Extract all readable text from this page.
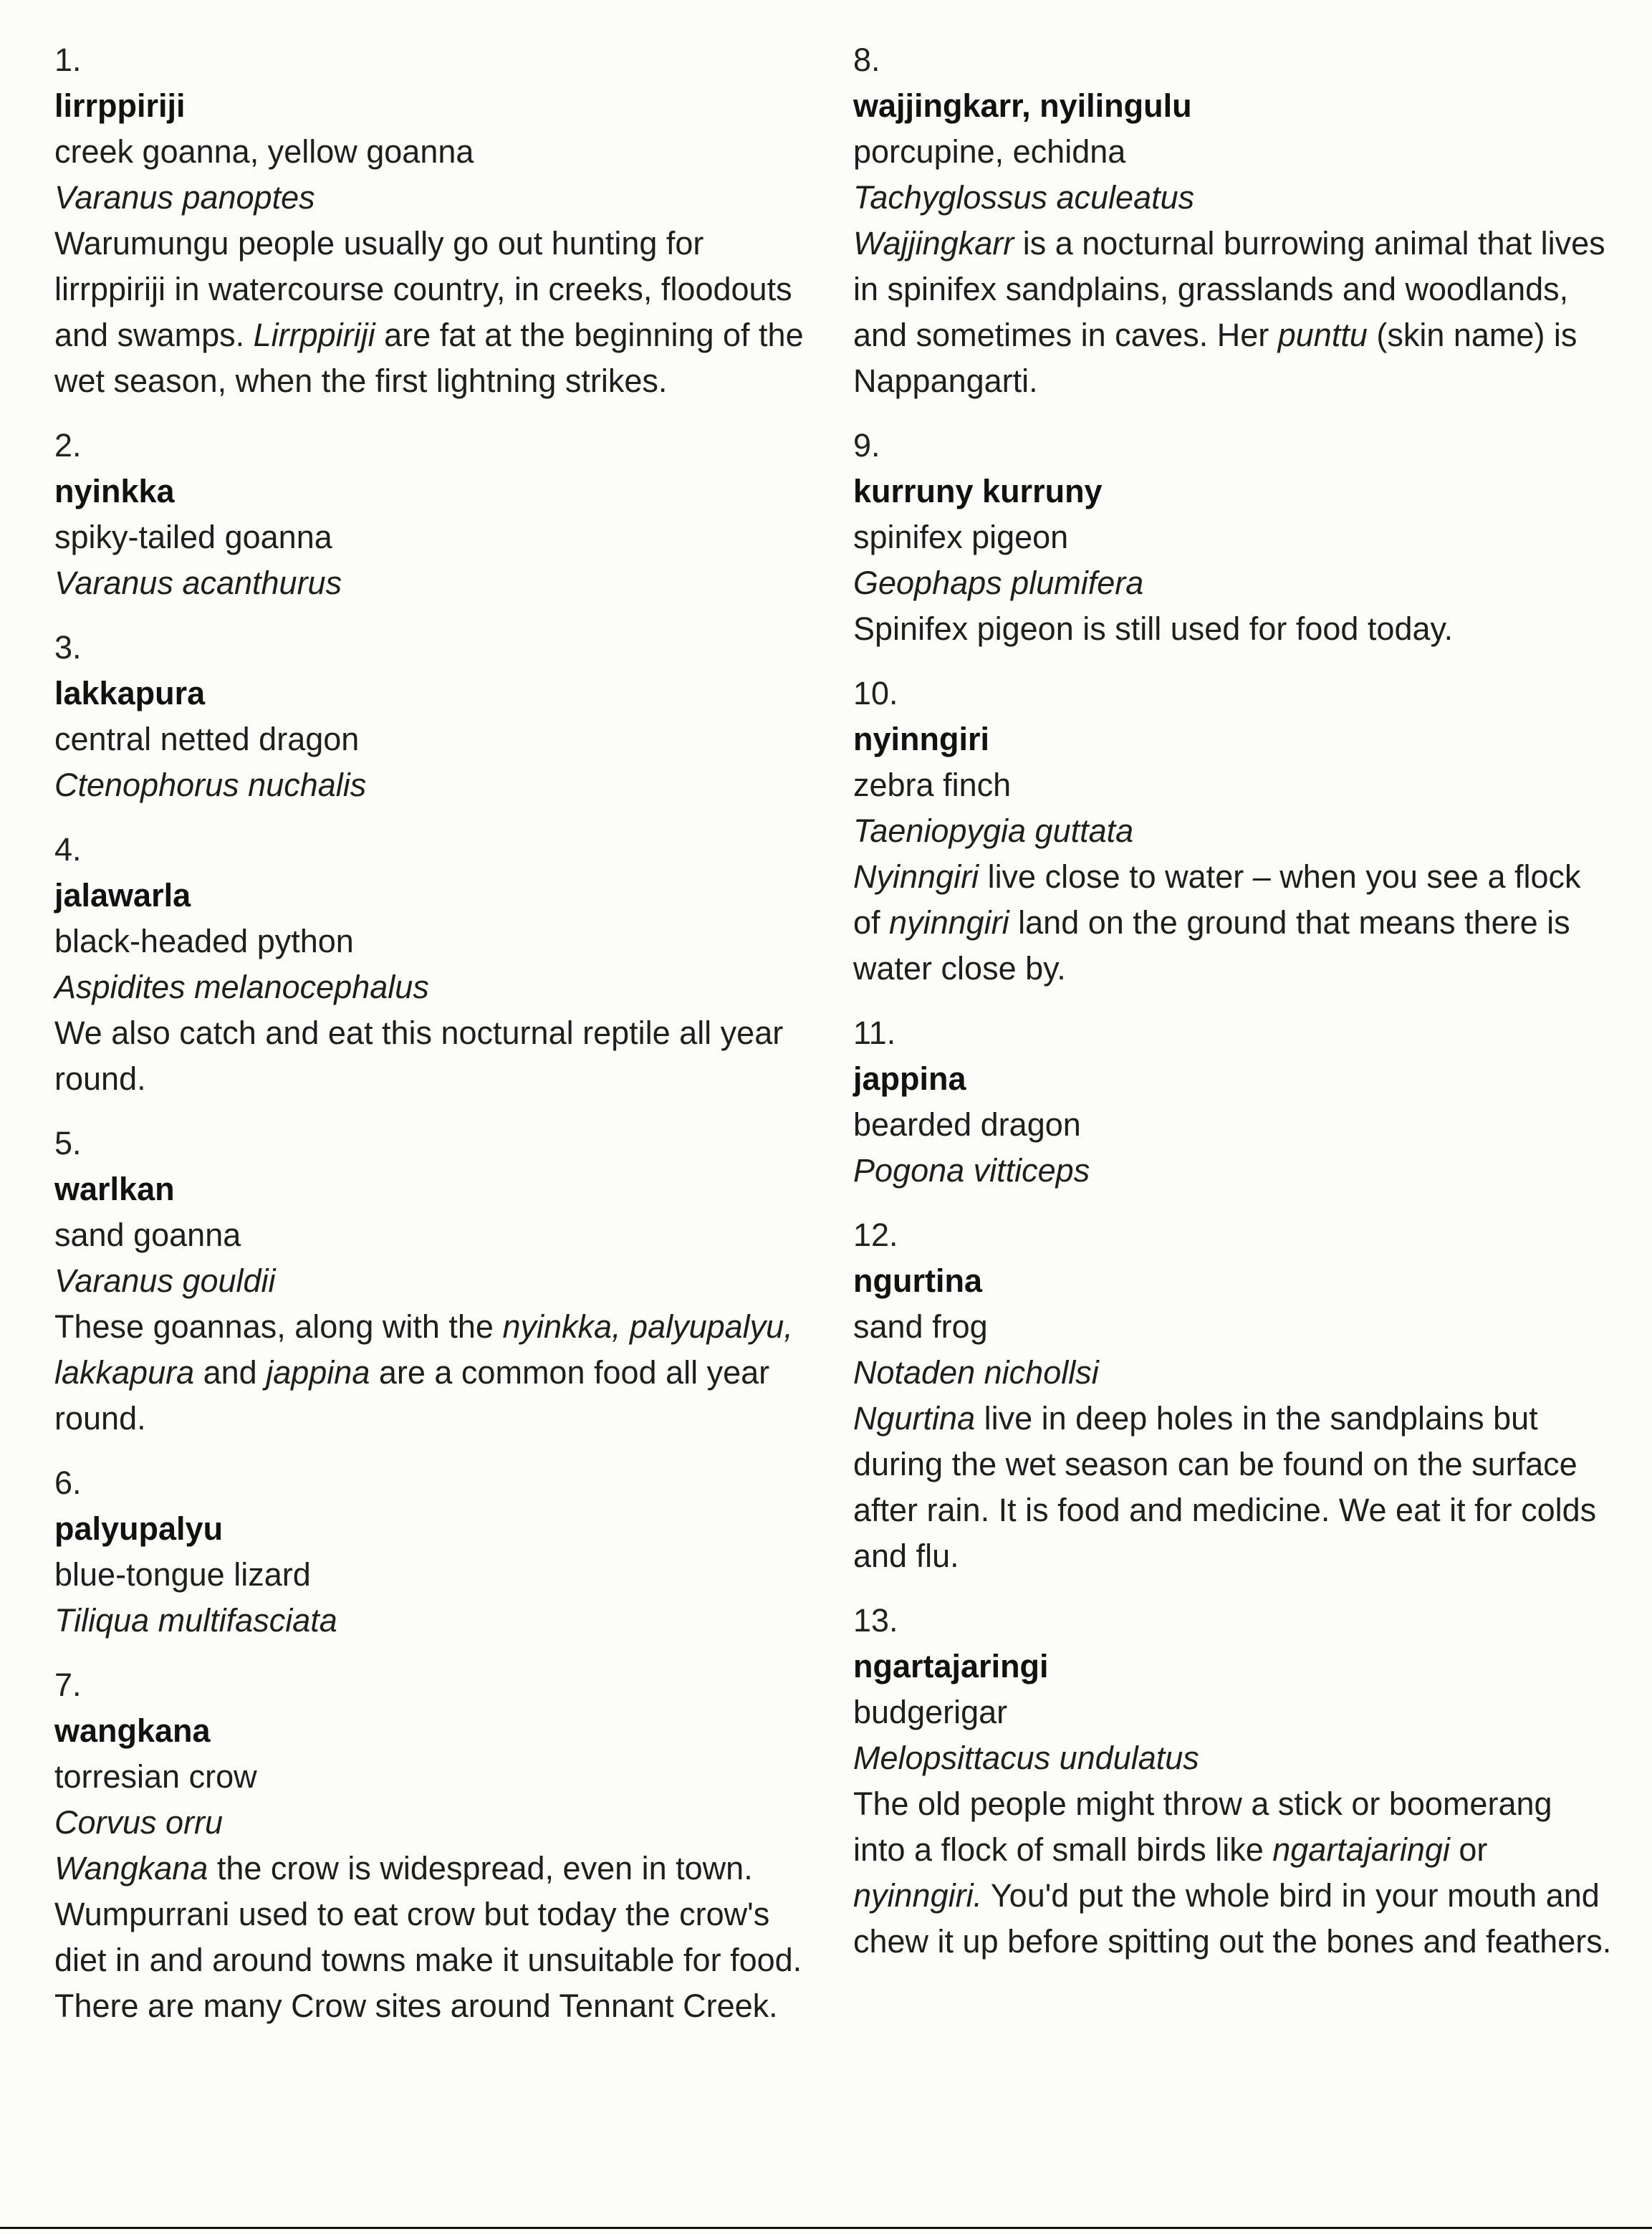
1.
lirrppiriji
creek goanna, yellow goanna
Varanus panoptes
Warumungu people usually go out hunting for lirrppiriji in watercourse country, in creeks, floodouts and swamps. Lirrppiriji are fat at the beginning of the wet season, when the first lightning strikes.
2.
nyinkka
spiky-tailed goanna
Varanus acanthurus
3.
lakkapura
central netted dragon
Ctenophorus nuchalis
4.
jalawarla
black-headed python
Aspidites melanocephalus
We also catch and eat this nocturnal reptile all year round.
5.
warlkan
sand goanna
Varanus gouldii
These goannas, along with the nyinkka, palyupalyu, lakkapura and jappina are a common food all year round.
6.
palyupalyu
blue-tongue lizard
Tiliqua multifasciata
7.
wangkana
torresian crow
Corvus orru
Wangkana the crow is widespread, even in town. Wumpurrani used to eat crow but today the crow's diet in and around towns make it unsuitable for food. There are many Crow sites around Tennant Creek.
8.
wajjingkarr, nyilingulu
porcupine, echidna
Tachyglossus aculeatus
Wajjingkarr is a nocturnal burrowing animal that lives in spinifex sandplains, grasslands and woodlands, and sometimes in caves. Her punttu (skin name) is Nappangarti.
9.
kurruny kurruny
spinifex pigeon
Geophaps plumifera
Spinifex pigeon is still used for food today.
10.
nyinngiri
zebra finch
Taeniopygia guttata
Nyinngiri live close to water – when you see a flock of nyinngiri land on the ground that means there is water close by.
11.
jappina
bearded dragon
Pogona vitticeps
12.
ngurtina
sand frog
Notaden nichollsi
Ngurtina live in deep holes in the sandplains but during the wet season can be found on the surface after rain. It is food and medicine. We eat it for colds and flu.
13.
ngartajaringi
budgerigar
Melopsittacus undulatus
The old people might throw a stick or boomerang into a flock of small birds like ngartajaringi or nyinngiri. You'd put the whole bird in your mouth and chew it up before spitting out the bones and feathers.
